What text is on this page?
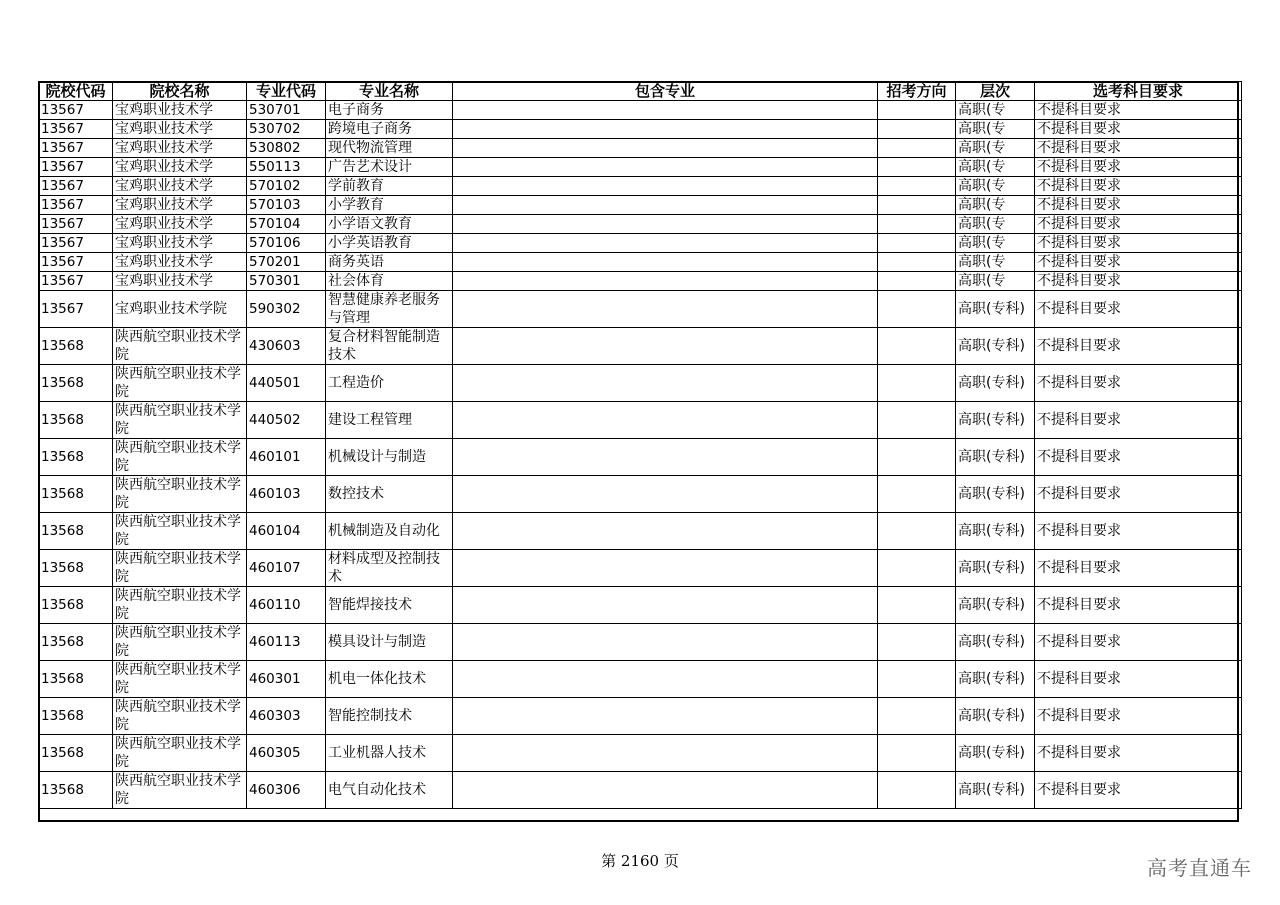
院校代码	院校名称	专业代码	专业名称	包含专业	招考方向	层次	选考科目要求
13567	宝鸡职业技术学	530701	电子商务			高职(专	不提科目要求
13567	宝鸡职业技术学	530702	跨境电子商务			高职(专	不提科目要求
13567	宝鸡职业技术学	530802	现代物流管理			高职(专	不提科目要求
13567	宝鸡职业技术学	550113	广告艺术设计			高职(专	不提科目要求
13567	宝鸡职业技术学	570102	学前教育			高职(专	不提科目要求
13567	宝鸡职业技术学	570103	小学教育			高职(专	不提科目要求
13567	宝鸡职业技术学	570104	小学语文教育			高职(专	不提科目要求
13567	宝鸡职业技术学	570106	小学英语教育			高职(专	不提科目要求
13567	宝鸡职业技术学	570201	商务英语			高职(专	不提科目要求
13567	宝鸡职业技术学	570301	社会体育			高职(专	不提科目要求
13567	宝鸡职业技术学院	590302	智慧健康养老服务与管理			高职(专科)	不提科目要求
13568	陕西航空职业技术学院	430603	复合材料智能制造技术			高职(专科)	不提科目要求
13568	陕西航空职业技术学院	440501	工程造价			高职(专科)	不提科目要求
13568	陕西航空职业技术学院	440502	建设工程管理			高职(专科)	不提科目要求
13568	陕西航空职业技术学院	460101	机械设计与制造			高职(专科)	不提科目要求
13568	陕西航空职业技术学院	460103	数控技术			高职(专科)	不提科目要求
13568	陕西航空职业技术学院	460104	机械制造及自动化			高职(专科)	不提科目要求
13568	陕西航空职业技术学院	460107	材料成型及控制技术			高职(专科)	不提科目要求
13568	陕西航空职业技术学院	460110	智能焊接技术			高职(专科)	不提科目要求
13568	陕西航空职业技术学院	460113	模具设计与制造			高职(专科)	不提科目要求
13568	陕西航空职业技术学院	460301	机电一体化技术			高职(专科)	不提科目要求
13568	陕西航空职业技术学院	460303	智能控制技术			高职(专科)	不提科目要求
13568	陕西航空职业技术学院	460305	工业机器人技术			高职(专科)	不提科目要求
13568	陕西航空职业技术学院	460306	电气自动化技术			高职(专科)	不提科目要求
第 2160 页	高考直通车
